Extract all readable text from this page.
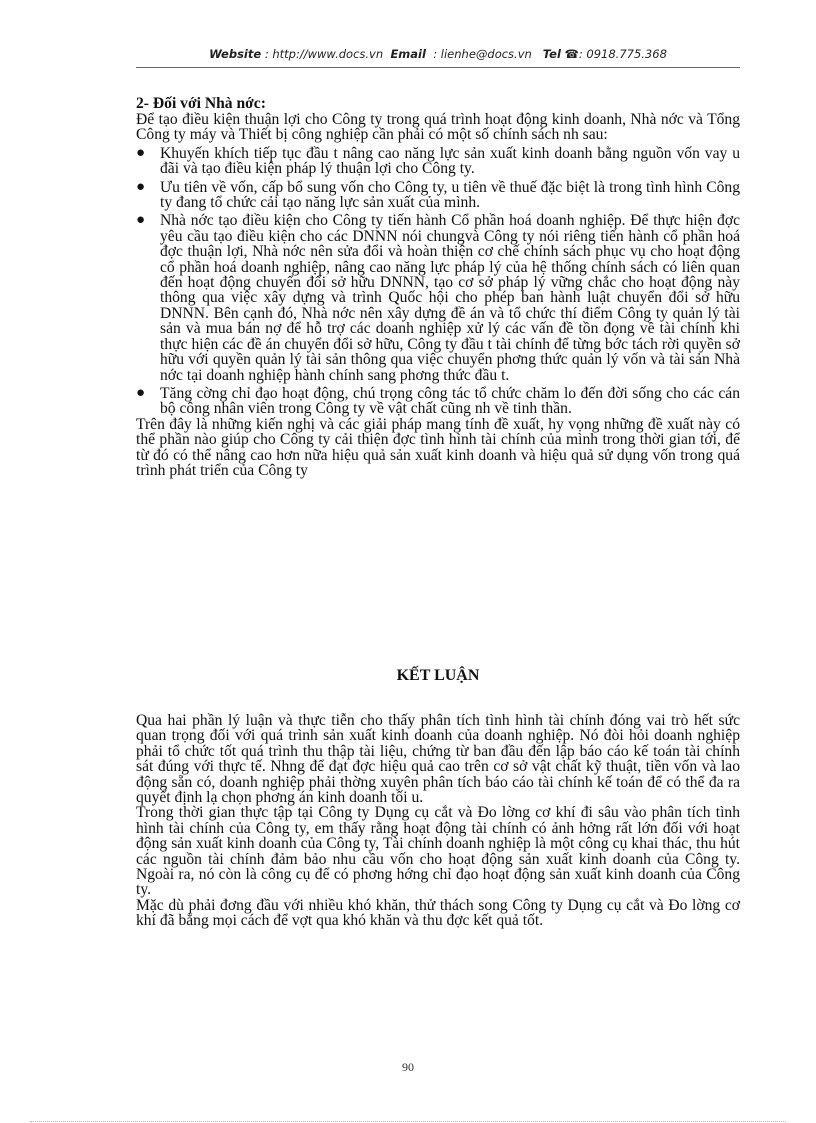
Website : http://www.docs.vn Email : lienhe@docs.vn Tel ☎: 0918.775.368

2- Đối với Nhà nớc:

Để tạo điều kiện thuận lợi cho Công ty trong quá trình hoạt động kinh doanh, Nhà nớc và Tổng Công ty máy và Thiết bị công nghiệp cần phải có một số chính sách nh sau:

● Khuyến khích tiếp tục đầu t nâng cao năng lực sản xuất kinh doanh bằng nguồn vốn vay u đãi và tạo điều kiện pháp lý thuận lợi cho Công ty.
● Ưu tiên về vốn, cấp bổ sung vốn cho Công ty, u tiên về thuế đặc biệt là trong tình hình Công ty đang tổ chức cải tạo năng lực sản xuất của mình.
● Nhà nớc tạo điều kiện cho Công ty tiến hành Cổ phần hoá doanh nghiệp. Để thực hiện đợc yêu cầu tạo điều kiện cho các DNNN nói chungvà Công ty nói riêng tiến hành cổ phần hoá đợc thuận lợi, Nhà nớc nên sửa đổi và hoàn thiện cơ chế chính sách phục vụ cho hoạt động cổ phần hoá doanh nghiệp, nâng cao năng lực pháp lý của hệ thống chính sách có liên quan đến hoạt động chuyển đổi sở hữu DNNN, tạo cơ sở pháp lý vững chắc cho hoạt động này thông qua việc xây dựng và trình Quốc hội cho phép ban hành luật chuyển đổi sở hữu DNNN. Bên cạnh đó, Nhà nớc nên xây dựng đề án và tổ chức thí điểm Công ty quản lý tài sản và mua bán nợ để hỗ trợ các doanh nghiệp xử lý các vấn đề tồn đọng về tài chính khi thực hiện các đề án chuyển đổi sở hữu, Công ty đầu t tài chính để từng bớc tách rời quyền sở hữu với quyền quản lý tài sản thông qua việc chuyển phơng thức quản lý vốn và tài sản Nhà nớc tại doanh nghiệp hành chính sang phơng thức đầu t.
● Tăng cờng chỉ đạo hoạt động, chú trọng công tác tổ chức chăm lo đến đời sống cho các cán bộ công nhân viên trong Công ty về vật chất cũng nh về tinh thần.

Trên đây là những kiến nghị và các giải pháp mang tính đề xuất, hy vọng những đề xuất này có thể phần nào giúp cho Công ty cải thiện đợc tình hình tài chính của mình trong thời gian tới, để từ đó có thể nâng cao hơn nữa hiệu quả sản xuất kinh doanh và hiệu quả sử dụng vốn trong quá trình phát triển của Công ty

KẾT LUẬN

Qua hai phần lý luận và thực tiễn cho thấy phân tích tình hình tài chính đóng vai trò hết sức quan trọng đối với quá trình sản xuất kinh doanh của doanh nghiệp. Nó đòi hỏi doanh nghiệp phải tổ chức tốt quá trình thu thập tài liệu, chứng từ ban đầu đến lập báo cáo kế toán tài chính sát đúng với thực tế. Nhng để đạt đợc hiệu quả cao trên cơ sở vật chất kỹ thuật, tiền vốn và lao động sẵn có, doanh nghiệp phải thờng xuyên phân tích báo cáo tài chính kế toán để có thể đa ra quyết định lạ chọn phơng án kinh doanh tối u.

Trong thời gian thực tập tại Công ty Dụng cụ cắt và Đo lờng cơ khí đi sâu vào phân tích tình hình tài chính của Công ty, em thấy rằng hoạt động tài chính có ảnh hởng rất lớn đối với hoạt động sản xuất kinh doanh của Công ty, Tài chính doanh nghiệp là một công cụ khai thác, thu hút các nguồn tài chính đảm bảo nhu cầu vốn cho hoạt động sản xuất kinh doanh của Công ty. Ngoài ra, nó còn là công cụ để có phơng hớng chỉ đạo hoạt động sản xuất kinh doanh của Công ty.

Mặc dù phải đơng đầu với nhiều khó khăn, thử thách song Công ty Dụng cụ cắt và Đo lờng cơ khí đã bằng mọi cách để vợt qua khó khăn và thu đợc kết quả tốt.

90
